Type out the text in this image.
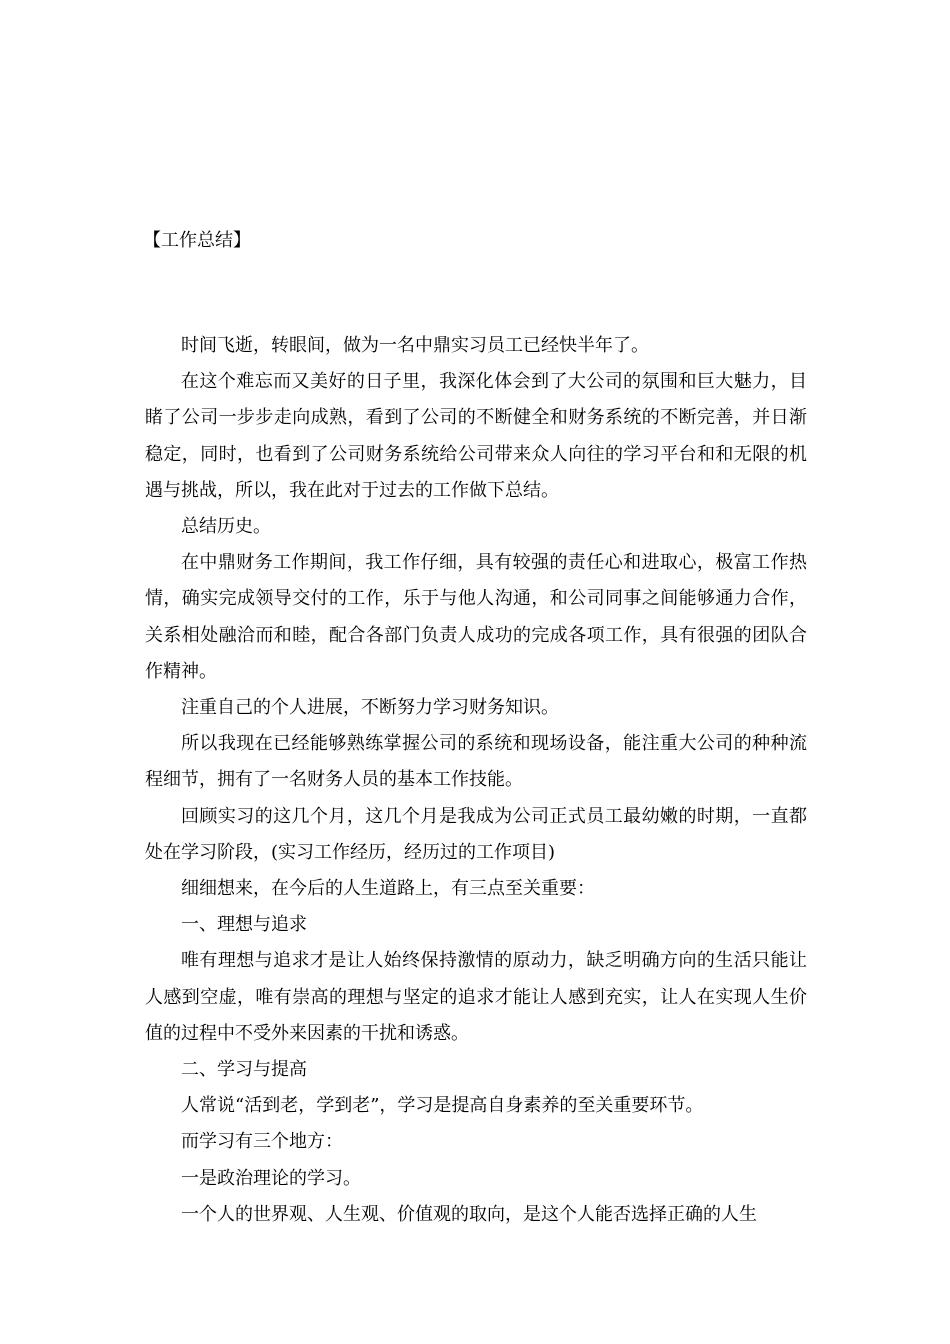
【工作总结】

时间飞逝，转眼间，做为一名中鼎实习员工已经快半年了。

在这个难忘而又美好的日子里，我深化体会到了大公司的氛围和巨大魅力，目睹了公司一步步走向成熟，看到了公司的不断健全和财务系统的不断完善，并日渐稳定，同时，也看到了公司财务系统给公司带来众人向往的学习平台和和无限的机遇与挑战，所以，我在此对于过去的工作做下总结。

总结历史。

在中鼎财务工作期间，我工作仔细，具有较强的责任心和进取心，极富工作热情，确实完成领导交付的工作，乐于与他人沟通，和公司同事之间能够通力合作，关系相处融洽而和睦，配合各部门负责人成功的完成各项工作，具有很强的团队合作精神。

注重自己的个人进展，不断努力学习财务知识。

所以我现在已经能够熟练掌握公司的系统和现场设备，能注重大公司的种种流程细节，拥有了一名财务人员的基本工作技能。

回顾实习的这几个月，这几个月是我成为公司正式员工最幼嫩的时期，一直都处在学习阶段，(实习工作经历，经历过的工作项目)

细细想来，在今后的人生道路上，有三点至关重要：

一、理想与追求

唯有理想与追求才是让人始终保持激情的原动力，缺乏明确方向的生活只能让人感到空虚，唯有崇高的理想与坚定的追求才能让人感到充实，让人在实现人生价值的过程中不受外来因素的干扰和诱惑。

二、学习与提高

人常说“活到老，学到老”，学习是提高自身素养的至关重要环节。

而学习有三个地方：

一是政治理论的学习。

一个人的世界观、人生观、价值观的取向，是这个人能否选择正确的人生
